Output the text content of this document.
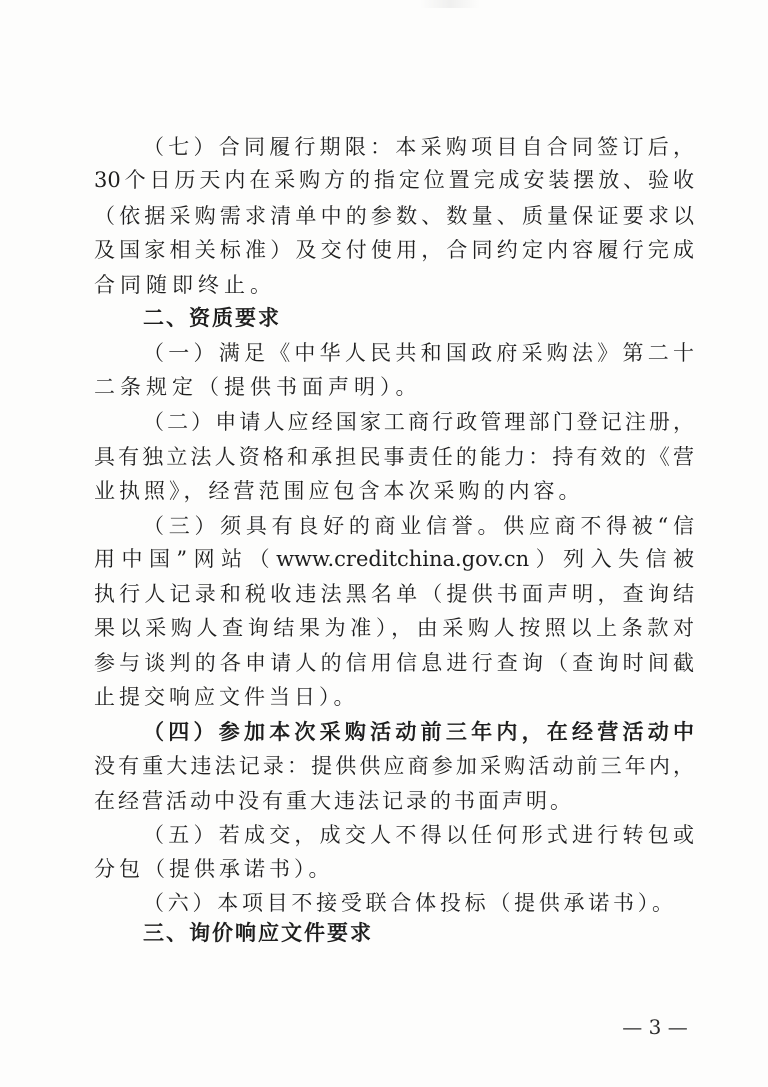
（七）合同履行期限：本采购项目自合同签订后，
30个日历天内在采购方的指定位置完成安装摆放、验收
（依据采购需求清单中的参数、数量、质量保证要求以
及国家相关标准）及交付使用，合同约定内容履行完成
合同随即终止。
二、资质要求
（一）满足《中华人民共和国政府采购法》第二十
二条规定（提供书面声明）。
（二）申请人应经国家工商行政管理部门登记注册，
具有独立法人资格和承担民事责任的能力：持有效的《营
业执照》，经营范围应包含本次采购的内容。
（三）须具有良好的商业信誉。供应商不得被“信
用中国”网站（www.creditchina.gov.cn）列入失信被
执行人记录和税收违法黑名单（提供书面声明，查询结
果以采购人查询结果为准），由采购人按照以上条款对
参与谈判的各申请人的信用信息进行查询（查询时间截
止提交响应文件当日）。
（四）参加本次采购活动前三年内，在经营活动中
没有重大违法记录：提供供应商参加采购活动前三年内，
在经营活动中没有重大违法记录的书面声明。
（五）若成交，成交人不得以任何形式进行转包或
分包（提供承诺书）。
（六）本项目不接受联合体投标（提供承诺书）。
三、询价响应文件要求
— 3 —
